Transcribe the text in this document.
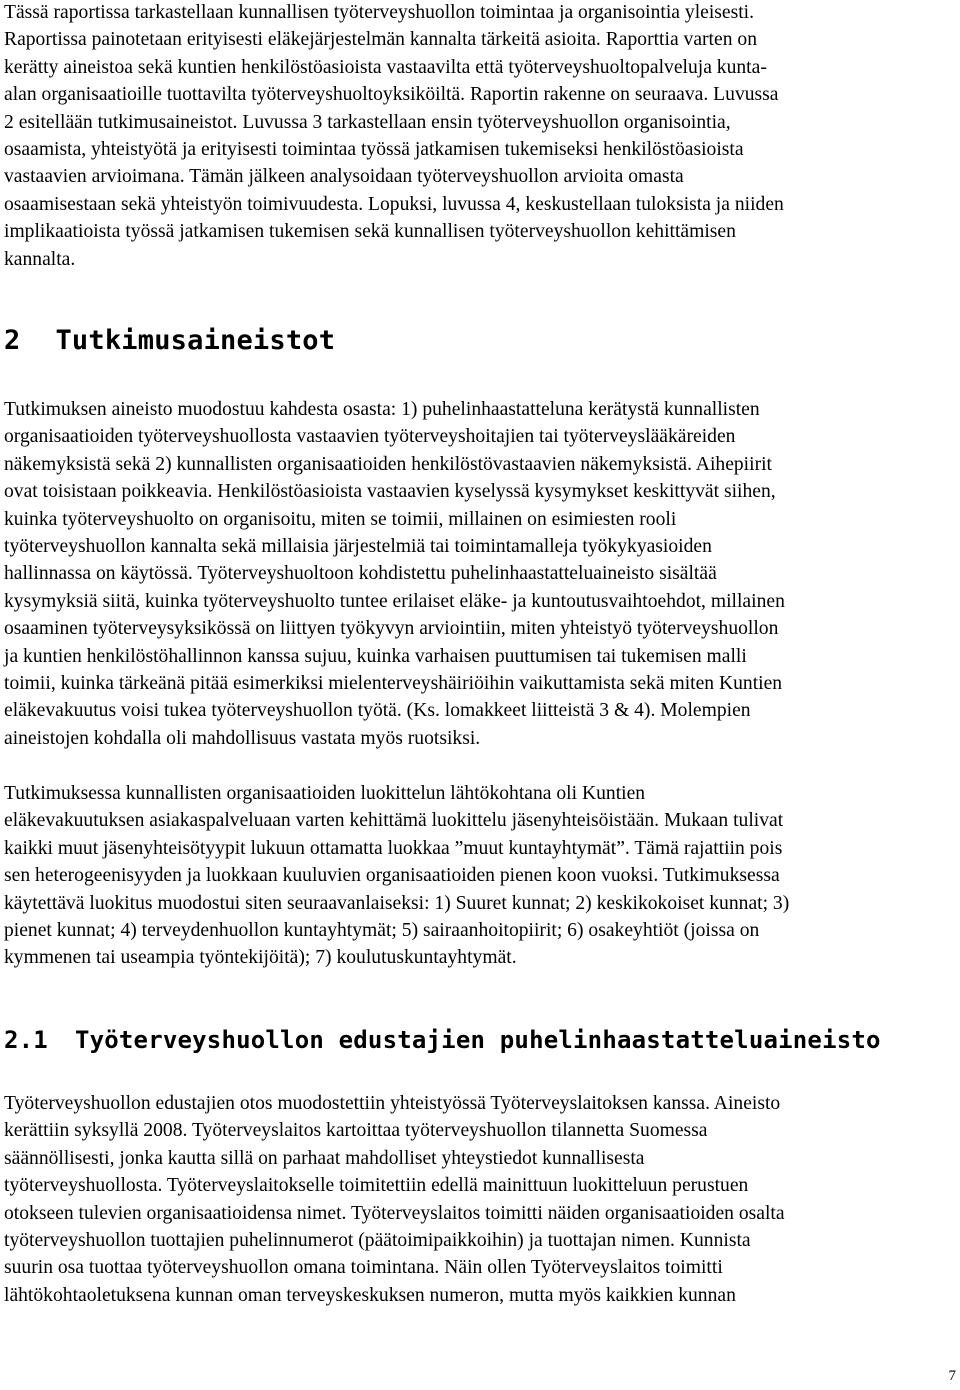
Tässä raportissa tarkastellaan kunnallisen työterveyshuollon toimintaa ja organisointia yleisesti.
Raportissa painotetaan erityisesti eläkejärjestelmän kannalta tärkeitä asioita. Raporttia varten on
kerätty aineistoa sekä kuntien henkilöstöasioista vastaavilta että työterveyshuoltopalveluja kunta-
alan organisaatioille tuottavilta työterveyshuoltoyksiköiltä. Raportin rakenne on seuraava. Luvussa
2 esitellään tutkimusaineistot. Luvussa 3 tarkastellaan ensin työterveyshuollon organisointia,
osaamista, yhteistyötä ja erityisesti toimintaa työssä jatkamisen tukemiseksi henkilöstöasioista
vastaavien arvioimana. Tämän jälkeen analysoidaan työterveyshuollon arvioita omasta
osaamisestaan sekä yhteistyön toimivuudesta. Lopuksi, luvussa 4, keskustellaan tuloksista ja niiden
implikaatioista työssä jatkamisen tukemisen sekä kunnallisen työterveyshuollon kehittämisen
kannalta.
2 Tutkimusaineistot
Tutkimuksen aineisto muodostuu kahdesta osasta: 1) puhelinhaastatteluna kerätystä kunnallisten
organisaatioiden työterveyshuollosta vastaavien työterveyshoitajien tai työterveyslääkäreiden
näkemyksistä sekä 2) kunnallisten organisaatioiden henkilöstövastaavien näkemyksistä. Aihepiirit
ovat toisistaan poikkeavia. Henkilöstöasioista vastaavien kyselyssä kysymykset keskittyvät siihen,
kuinka työterveyshuolto on organisoitu, miten se toimii, millainen on esimiesten rooli
työterveyshuollon kannalta sekä millaisia järjestelmiä tai toimintamalleja työkykyasioiden
hallinnassa on käytössä. Työterveyshuoltoon kohdistettu puhelinhaastatteluaineisto sisältää
kysymyksiä siitä, kuinka työterveyshuolto tuntee erilaiset eläke- ja kuntoutusvaihtoehdot, millainen
osaaminen työterveysyksikössä on liittyen työkyvyn arviointiin, miten yhteistyö työterveyshuollon
ja kuntien henkilöstöhallinnon kanssa sujuu, kuinka varhaisen puuttumisen tai tukemisen malli
toimii, kuinka tärkeänä pitää esimerkiksi mielenterveyshäiriöihin vaikuttamista sekä miten Kuntien
eläkevakuutus voisi tukea työterveyshuollon työtä. (Ks. lomakkeet liitteistä 3 & 4). Molempien
aineistojen kohdalla oli mahdollisuus vastata myös ruotsiksi.
Tutkimuksessa kunnallisten organisaatioiden luokittelun lähtökohtana oli Kuntien
eläkevakuutuksen asiakaspalveluaan varten kehittämä luokittelu jäsenyhteisöistään. Mukaan tulivat
kaikki muut jäsenyhteisötyypit lukuun ottamatta luokkaa ”muut kuntayhtymät”. Tämä rajattiin pois
sen heterogeenisyyden ja luokkaan kuuluvien organisaatioiden pienen koon vuoksi. Tutkimuksessa
käytettävä luokitus muodostui siten seuraavanlaiseksi: 1) Suuret kunnat; 2) keskikokoiset kunnat; 3)
pienet kunnat; 4) terveydenhuollon kuntayhtymät; 5) sairaanhoitopiirit; 6) osakeyhtiöt (joissa on
kymmenen tai useampia työntekijöitä); 7) koulutuskuntayhtymät.
2.1 Työterveyshuollon edustajien puhelinhaastatteluaineisto
Työterveyshuollon edustajien otos muodostettiin yhteistyössä Työterveyslaitoksen kanssa. Aineisto
kerättiin syksyllä 2008. Työterveyslaitos kartoittaa työterveyshuollon tilannetta Suomessa
säännöllisesti, jonka kautta sillä on parhaat mahdolliset yhteystiedot kunnallisesta
työterveyshuollosta. Työterveyslaitokselle toimitettiin edellä mainittuun luokitteluun perustuen
otokseen tulevien organisaatioidensa nimet. Työterveyslaitos toimitti näiden organisaatioiden osalta
työterveyshuollon tuottajien puhelinnumerot (päätoimipaikkoihin) ja tuottajan nimen. Kunnista
suurin osa tuottaa työterveyshuollon omana toimintana. Näin ollen Työterveyslaitos toimitti
lähtökohtaoletuksena kunnan oman terveyskeskuksen numeron, mutta myös kaikkien kunnan
7
